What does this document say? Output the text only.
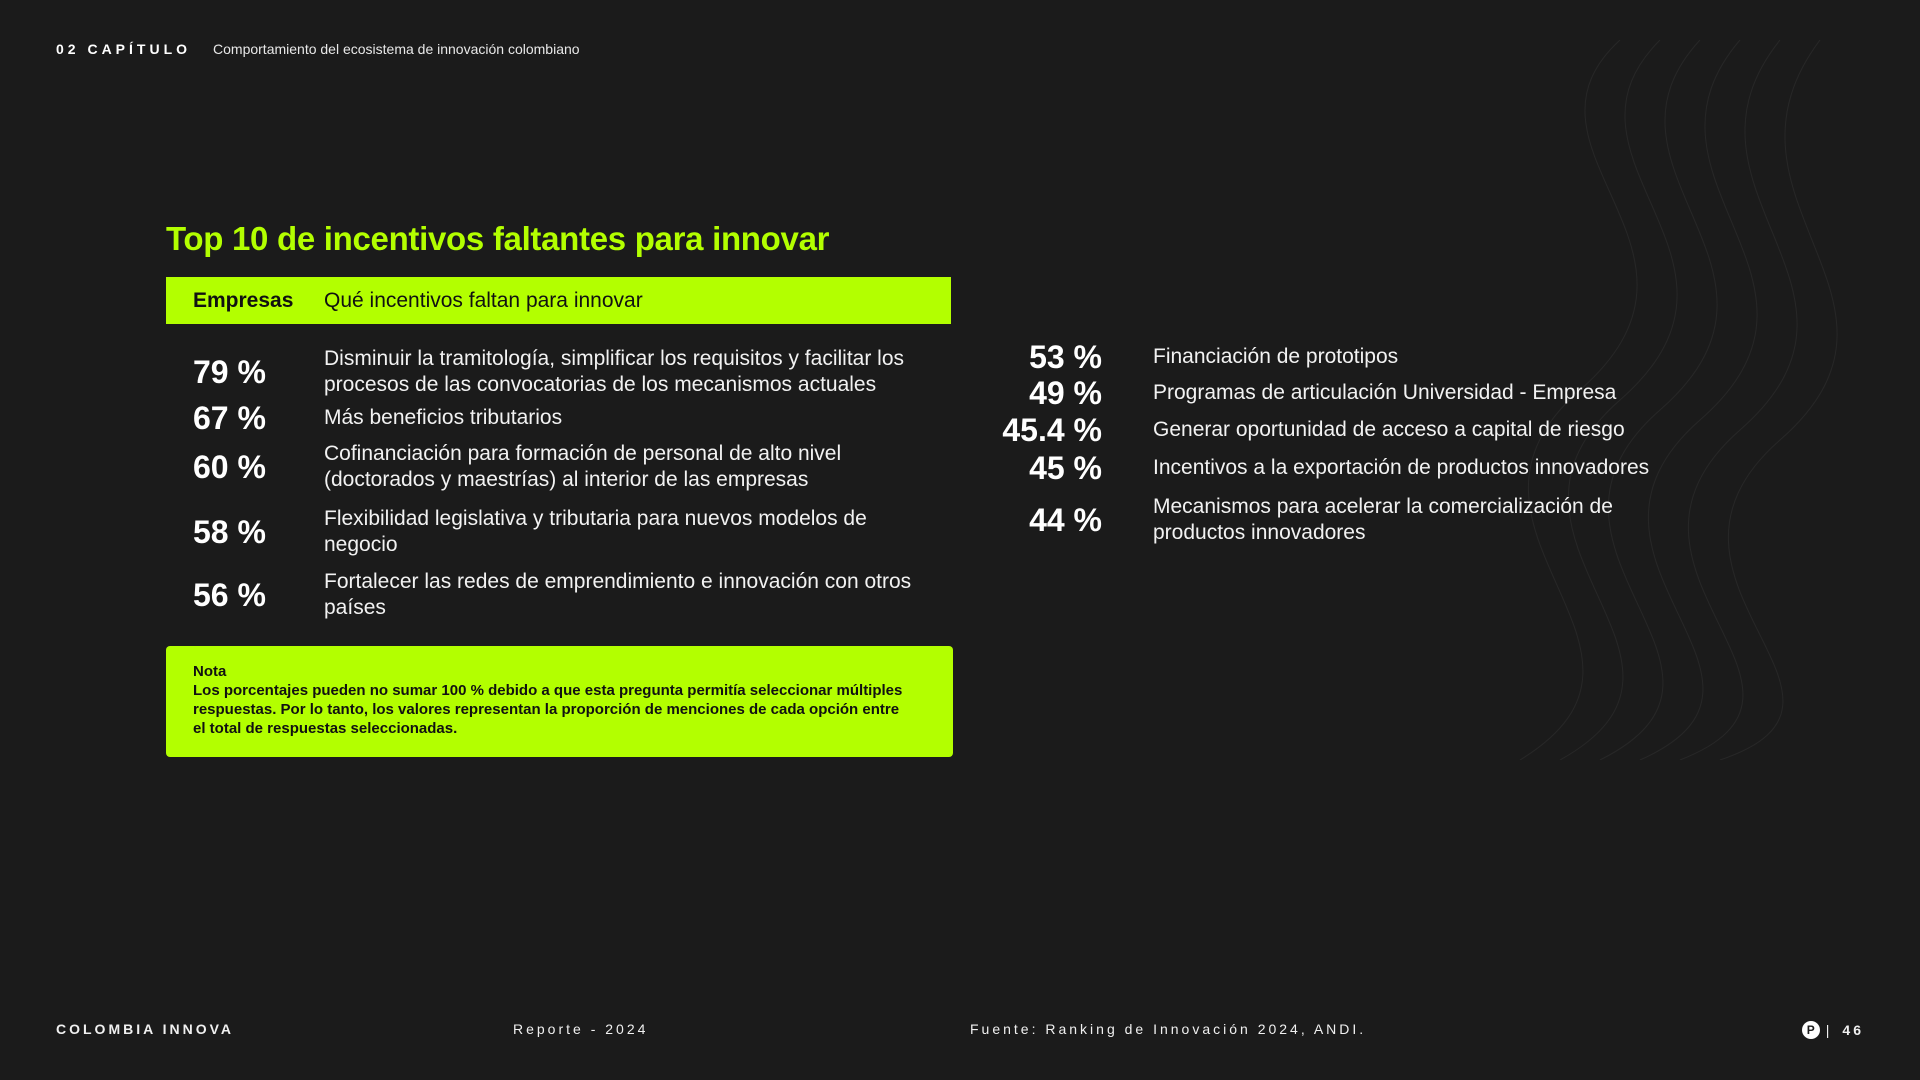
02 CAPÍTULO Comportamiento del ecosistema de innovación colombiano
Top 10 de incentivos faltantes para innovar
Empresas	Qué incentivos faltan para innovar
79 %	Disminuir la tramitología, simplificar los requisitos y facilitar los procesos de las convocatorias de los mecanismos actuales
67 %	Más beneficios tributarios
60 %	Cofinanciación para formación de personal de alto nivel (doctorados y maestrías) al interior de las empresas
58 %	Flexibilidad legislativa y tributaria para nuevos modelos de negocio
56 %	Fortalecer las redes de emprendimiento e innovación con otros países
53 %	Financiación de prototipos
49 %	Programas de articulación Universidad - Empresa
45.4 %	Generar oportunidad de acceso a capital de riesgo
45 %	Incentivos a la exportación de productos innovadores
44 %	Mecanismos para acelerar la comercialización de productos innovadores
Nota
Los porcentajes pueden no sumar 100 % debido a que esta pregunta permitía seleccionar múltiples respuestas. Por lo tanto, los valores representan la proporción de menciones de cada opción entre el total de respuestas seleccionadas.
COLOMBIA INNOVA	Reporte - 2024	Fuente: Ranking de Innovación 2024, ANDI.	P | 46
